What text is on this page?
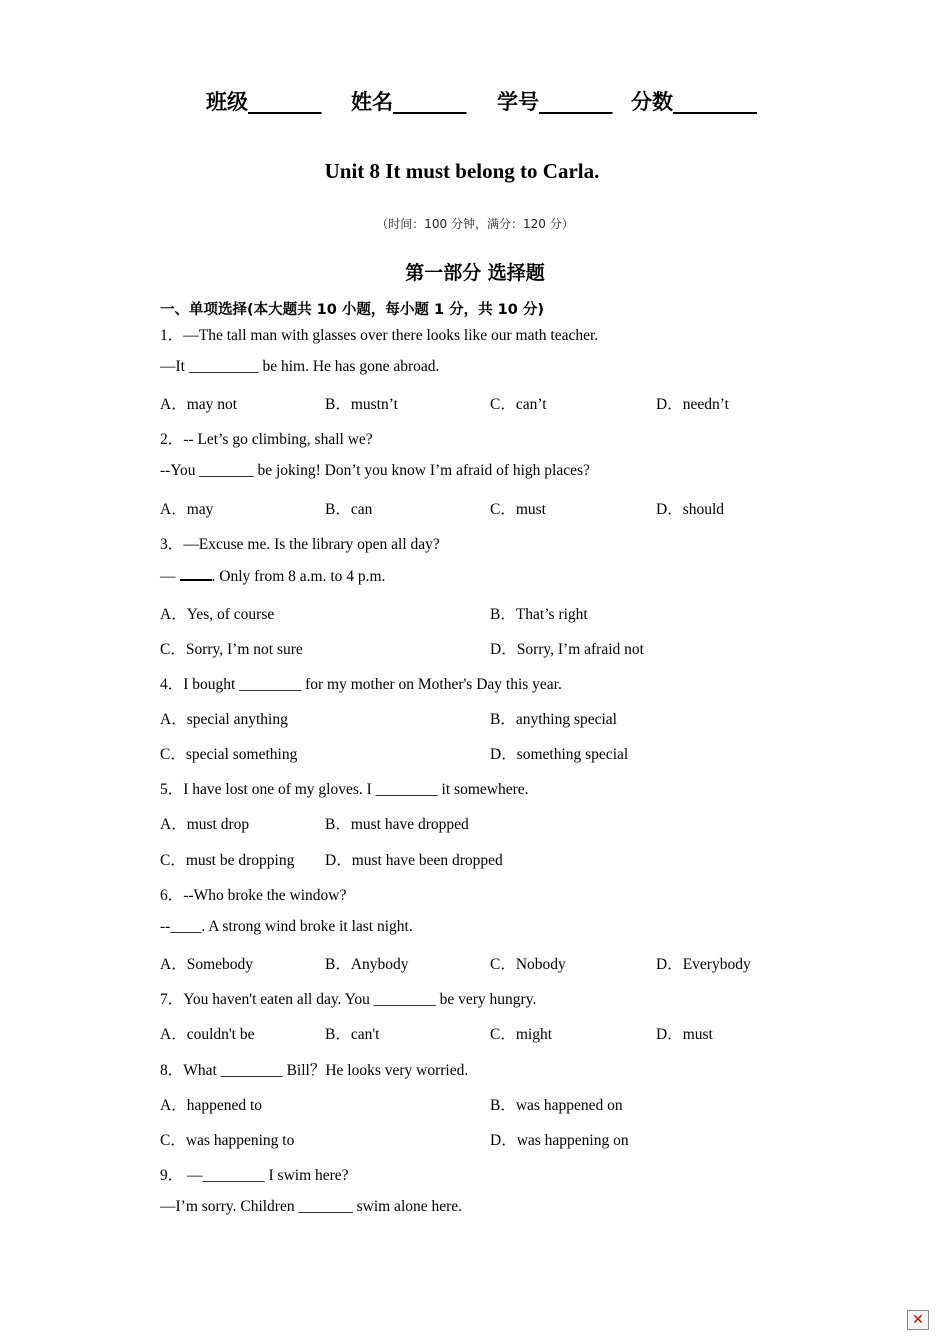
班级_______ 姓名_______ 学号_______ 分数________
Unit 8 It must belong to Carla.
（时间：100 分钟，满分：120 分）
第一部分 选择题
一、单项选择(本大题共 10 小题，每小题 1 分，共 10 分)
1．—The tall man with glasses over there looks like our math teacher.
—It _________ be him. He has gone abroad.
A．may not	B．mustn’t	C．can’t	D．needn’t
2．-- Let’s go climbing, shall we?
--You _______ be joking! Don’t you know I’m afraid of high places?
A．may	B．can	C．must	D．should
3．—Excuse me. Is the library open all day?
— . Only from 8 a.m. to 4 p.m.
A．Yes, of course	B．That’s right
C．Sorry, I’m not sure	D．Sorry, I’m afraid not
4．I bought ________ for my mother on Mother's Day this year.
A．special anything	B．anything special
C．special something	D．something special
5．I have lost one of my gloves. I ________ it somewhere.
A．must drop	B．must have dropped
C．must be dropping D．must have been dropped
6．--Who broke the window?
--____. A strong wind broke it last night.
A．Somebody	B．Anybody	C．Nobody	D．Everybody
7．You haven't eaten all day. You ________ be very hungry.
A．couldn't be	B．can't	C．might	D．must
8．What ________ Bill？He looks very worried.
A．happened to	B．was happened on
C．was happening to	D．was happening on
9． —________ I swim here?
—I’m sorry. Children _______ swim alone here.
✕
